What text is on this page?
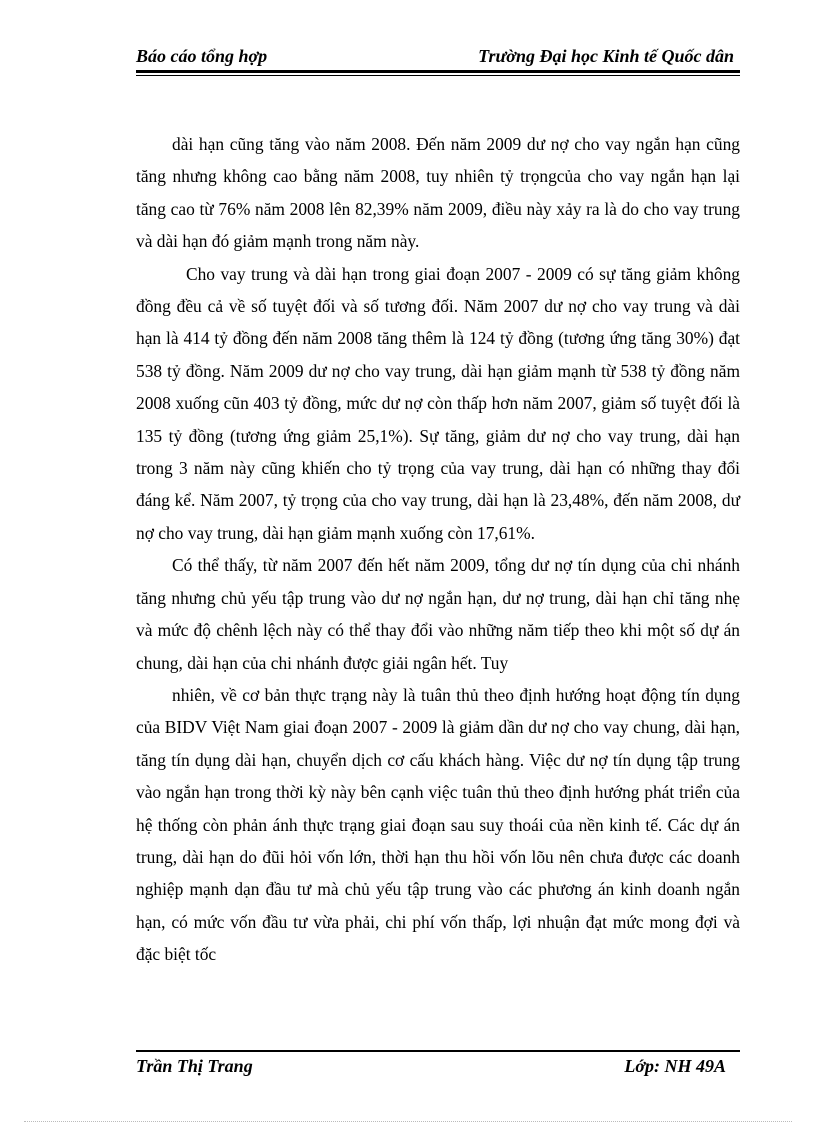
Báo cáo tổng hợp	Trường Đại học Kinh tế Quốc dân

dài hạn cũng tăng vào năm 2008. Đến năm 2009 dư nợ cho vay ngắn hạn cũng tăng nhưng không cao bằng năm 2008, tuy nhiên tỷ trọngcủa cho vay ngắn hạn lại tăng cao từ 76% năm 2008 lên 82,39% năm 2009, điều này xảy ra là do cho vay trung và dài hạn đó giảm mạnh trong năm này.

Cho vay trung và dài hạn trong giai đoạn 2007 - 2009 có sự tăng giảm không đồng đều cả về số tuyệt đối và số tương đối. Năm 2007 dư nợ cho vay trung và dài hạn là 414 tỷ đồng đến năm 2008 tăng thêm là 124 tỷ đồng (tương ứng tăng 30%) đạt 538 tỷ đồng. Năm 2009 dư nợ cho vay trung, dài hạn giảm mạnh từ 538 tỷ đồng năm 2008 xuống cũn 403 tỷ đồng, mức dư nợ còn thấp hơn năm 2007, giảm số tuyệt đối là 135 tỷ đồng (tương ứng giảm 25,1%). Sự tăng, giảm dư nợ cho vay trung, dài hạn trong 3 năm này cũng khiến cho tỷ trọng của vay trung, dài hạn có những thay đổi đáng kể. Năm 2007, tỷ trọng của cho vay trung, dài hạn là 23,48%, đến năm 2008, dư nợ cho vay trung, dài hạn giảm mạnh xuống còn 17,61%.

Có thể thấy, từ năm 2007 đến hết năm 2009, tổng dư nợ tín dụng của chi nhánh tăng nhưng chủ yếu tập trung vào dư nợ ngắn hạn, dư nợ trung, dài hạn chỉ tăng nhẹ và mức độ chênh lệch này có thể thay đổi vào những năm tiếp theo khi một số dự án chung, dài hạn của chi nhánh được giải ngân hết. Tuy

nhiên, về cơ bản thực trạng này là tuân thủ theo định hướng hoạt động tín dụng của BIDV Việt Nam giai đoạn 2007 - 2009 là giảm dần dư nợ cho vay chung, dài hạn, tăng tín dụng dài hạn, chuyển dịch cơ cấu khách hàng. Việc dư nợ tín dụng tập trung vào ngắn hạn trong thời kỳ này bên cạnh việc tuân thủ theo định hướng phát triển của hệ thống còn phản ánh thực trạng giai đoạn sau suy thoái của nền kinh tế. Các dự án trung, dài hạn do đũi hỏi vốn lớn, thời hạn thu hồi vốn lõu nên chưa được các doanh nghiệp mạnh dạn đầu tư mà chủ yếu tập trung vào các phương án kinh doanh ngắn hạn, có mức vốn đầu tư vừa phải, chi phí vốn thấp, lợi nhuận đạt mức mong đợi và đặc biệt tốc

Trần Thị Trang	Lớp: NH 49A
